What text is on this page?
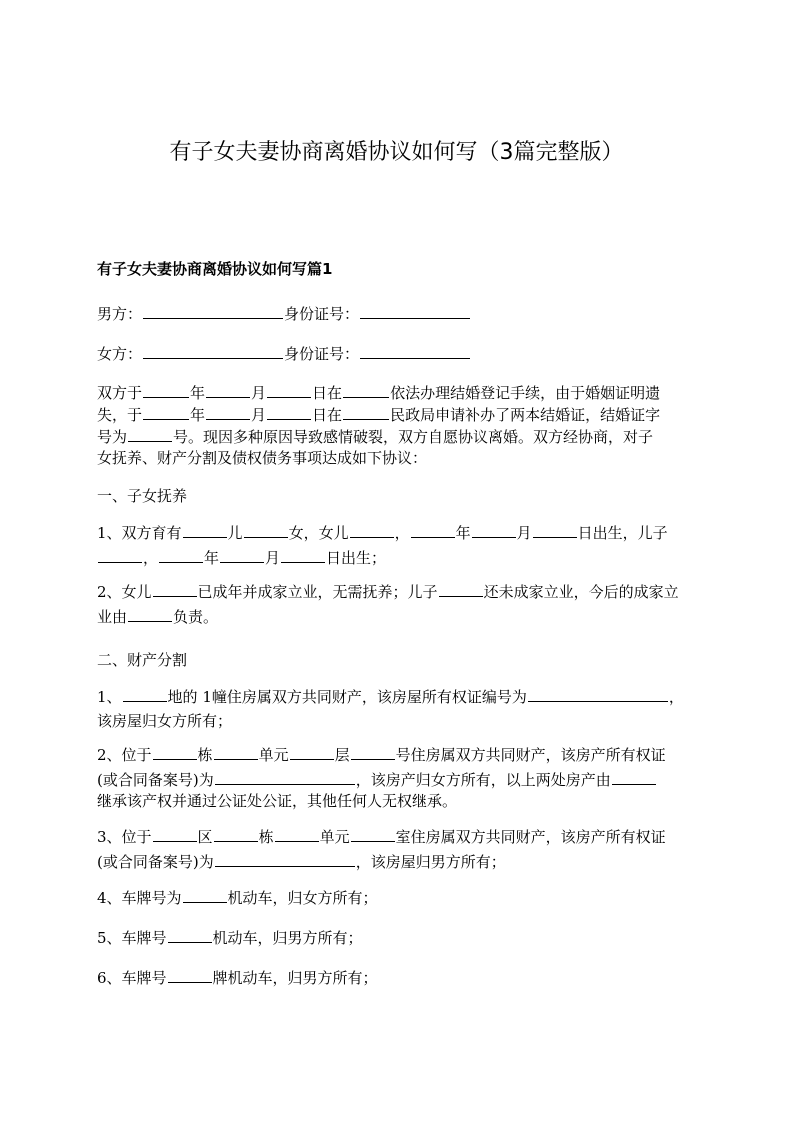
有子女夫妻协商离婚协议如何写（3篇完整版）
有子女夫妻协商离婚协议如何写篇1
男方：	身份证号：
女方：	身份证号：
双方于	年	月	日在	依法办理结婚登记手续，由于婚姻证明遗
失，于	年	月	日在	民政局申请补办了两本结婚证，结婚证字
号为	号。现因多种原因导致感情破裂，双方自愿协议离婚。双方经协商，对子
女抚养、财产分割及债权债务事项达成如下协议：
一、子女抚养
1、双方育有	儿	女，女儿	，	年	月	日出生，儿子
，	年	月	日出生；
2、女儿	已成年并成家立业，无需抚养；儿子	还未成家立业，今后的成家立
业由	负责。
二、财产分割
1、	地的 1幢住房属双方共同财产，该房屋所有权证编号为	，
该房屋归女方所有；
2、位于	栋	单元	层	号住房属双方共同财产，该房产所有权证
(或合同备案号)为	，该房产归女方所有，以上两处房产由
继承该产权并通过公证处公证，其他任何人无权继承。
3、位于	区	栋	单元	室住房属双方共同财产，该房产所有权证
(或合同备案号)为	，该房屋归男方所有；
4、车牌号为	机动车，归女方所有；
5、车牌号	机动车，归男方所有；
6、车牌号	牌机动车，归男方所有；
